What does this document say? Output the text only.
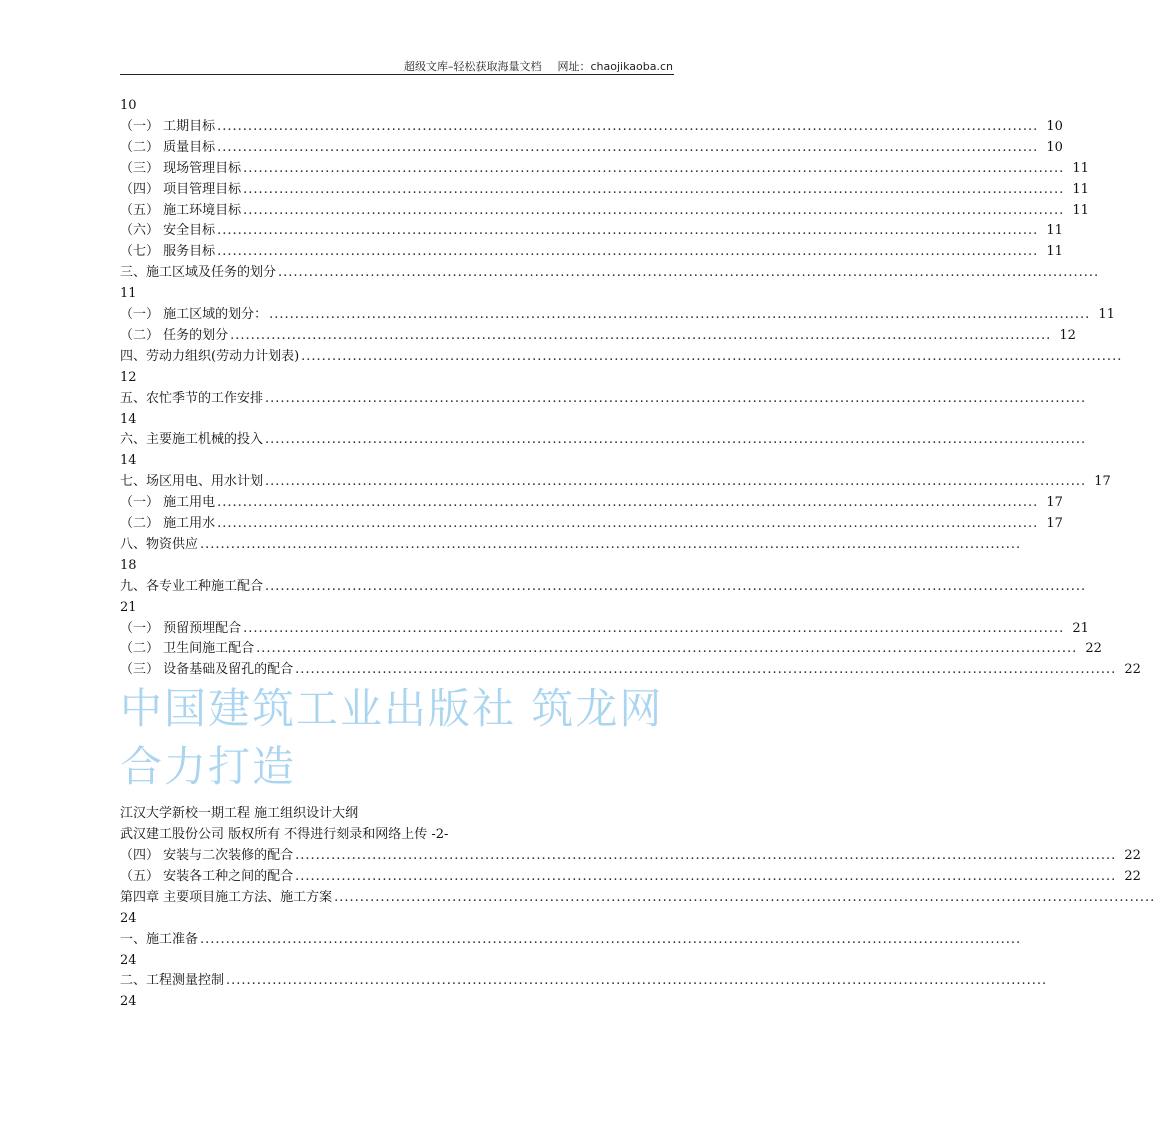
超级文库–轻松获取海量文档 网址：chaojikaoba.cn
10
（一） 工期目标 ................................................................................................................................................................ 10
（二） 质量目标 ................................................................................................................................................................ 10
（三） 现场管理目标 ................................................................................................................................................................ 11
（四） 项目管理目标 ................................................................................................................................................................ 11
（五） 施工环境目标 ................................................................................................................................................................ 11
（六） 安全目标 ................................................................................................................................................................ 11
（七） 服务目标 ................................................................................................................................................................ 11
三、施工区域及任务的划分 ................................................................................................................................................................
11
（一） 施工区域的划分： ................................................................................................................................................................ 11
（二） 任务的划分 ................................................................................................................................................................ 12
四、劳动力组织(劳动力计划表) ................................................................................................................................................................
12
五、农忙季节的工作安排 ................................................................................................................................................................
14
六、主要施工机械的投入 ................................................................................................................................................................
14
七、场区用电、用水计划 ................................................................................................................................................................ 17
（一） 施工用电 ................................................................................................................................................................ 17
（二） 施工用水 ................................................................................................................................................................ 17
八、物资供应 ................................................................................................................................................................
18
九、各专业工种施工配合 ................................................................................................................................................................
21
（一） 预留预埋配合 ................................................................................................................................................................ 21
（二） 卫生间施工配合 ................................................................................................................................................................ 22
（三） 设备基础及留孔的配合 ................................................................................................................................................................ 22
中国建筑工业出版社 筑龙网 合力打造
江汉大学新校一期工程 施工组织设计大纲
武汉建工股份公司 版权所有 不得进行刻录和网络上传 -2-
（四） 安装与二次装修的配合 ................................................................................................................................................................ 22
（五） 安装各工种之间的配合 ................................................................................................................................................................ 22
第四章 主要项目施工方法、施工方案 ................................................................................................................................................................
24
一、施工准备 ................................................................................................................................................................
24
二、工程测量控制 ................................................................................................................................................................
24
